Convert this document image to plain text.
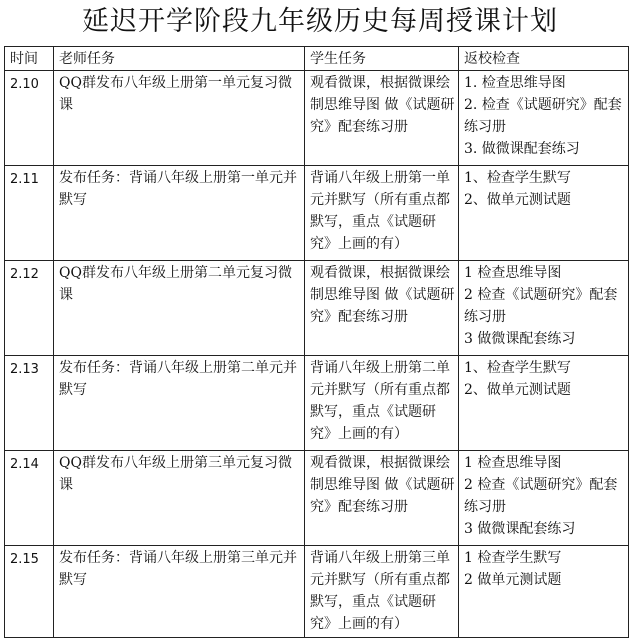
延迟开学阶段九年级历史每周授课计划
时间	老师任务	学生任务	返校检查
2.10	QQ群发布八年级上册第一单元复习微课	观看微课，根据微课绘制思维导图 做《试题研究》配套练习册	1. 检查思维导图
2. 检查《试题研究》配套练习册
3. 做微课配套练习

2.11	发布任务：背诵八年级上册第一单元并默写	背诵八年级上册第一单元并默写（所有重点都默写，重点《试题研究》上画的有）	1、检查学生默写
2、做单元测试题

2.12	QQ群发布八年级上册第二单元复习微课	观看微课，根据微课绘制思维导图 做《试题研究》配套练习册	1 检查思维导图
2 检查《试题研究》配套练习册
3 做微课配套练习

2.13	发布任务：背诵八年级上册第二单元并默写	背诵八年级上册第二单元并默写（所有重点都默写，重点《试题研究》上画的有）	1、检查学生默写
2、做单元测试题

2.14	QQ群发布八年级上册第三单元复习微课	观看微课，根据微课绘制思维导图 做《试题研究》配套练习册	1 检查思维导图
2 检查《试题研究》配套练习册
3 做微课配套练习

2.15	发布任务：背诵八年级上册第三单元并默写	背诵八年级上册第三单元并默写（所有重点都默写，重点《试题研究》上画的有）	1 检查学生默写
2 做单元测试题
